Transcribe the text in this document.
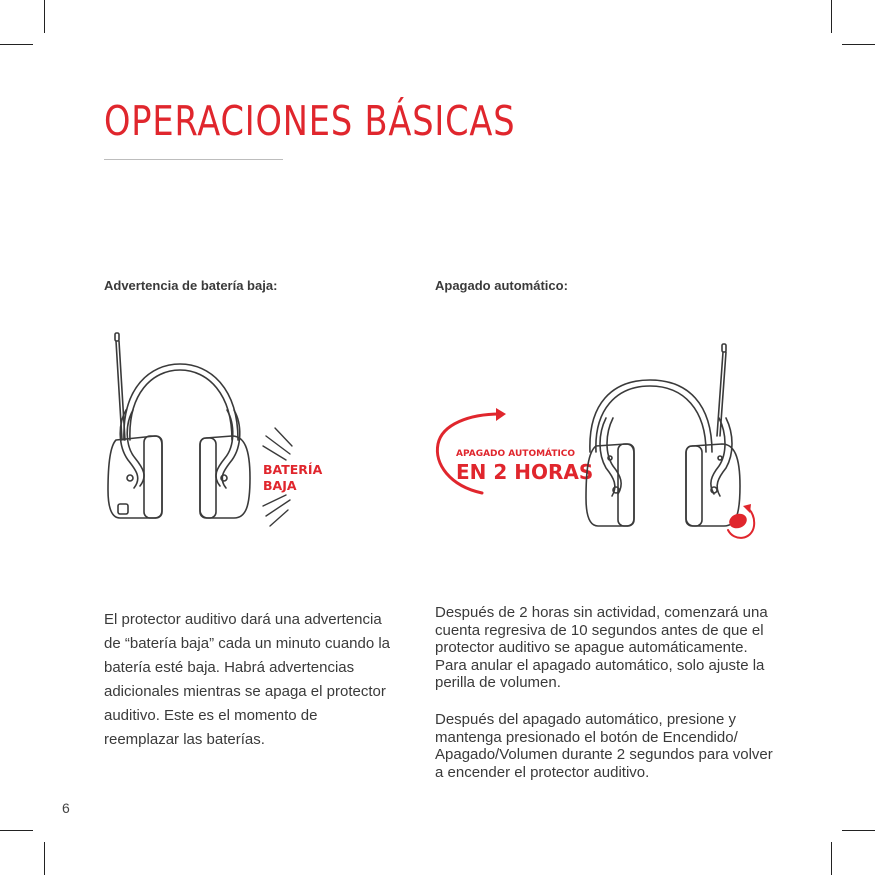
OPERACIONES BÁSICAS
Advertencia de batería baja:
BATERÍA
BAJA

El protector auditivo dará una advertencia de “batería baja” cada un minuto cuando la batería esté baja. Habrá advertencias adicionales mientras se apaga el protector auditivo. Este es el momento de reemplazar las baterías.

Apagado automático:
APAGADO AUTOMÁTICO
EN 2 HORAS

Después de 2 horas sin actividad, comenzará una cuenta regresiva de 10 segundos antes de que el protector auditivo se apague automáticamente. Para anular el apagado automático, solo ajuste la perilla de volumen.

Después del apagado automático, presione y mantenga presionado el botón de Encendido/ Apagado/Volumen durante 2 segundos para volver a encender el protector auditivo.

6
